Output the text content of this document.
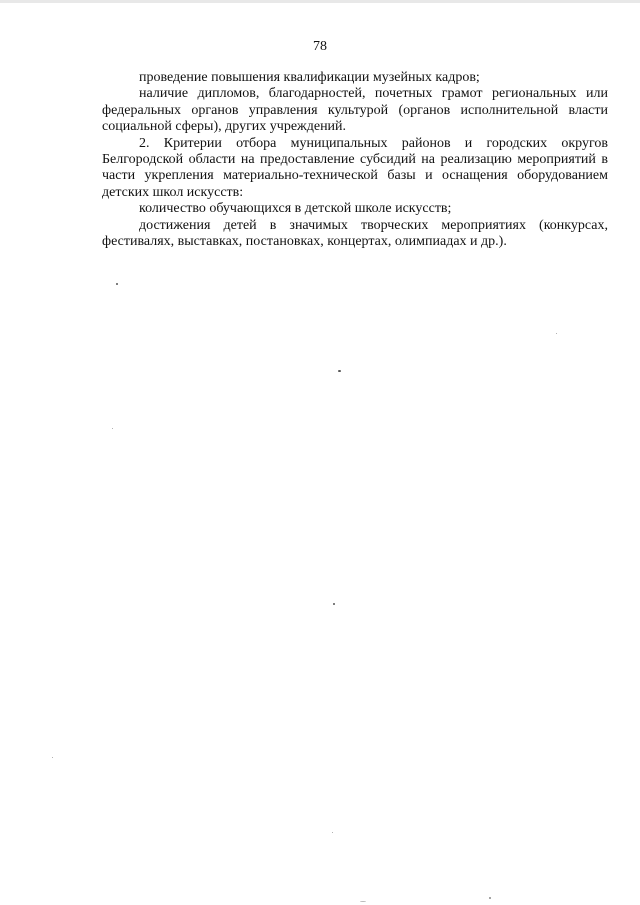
78

проведение повышения квалификации музейных кадров;

наличие дипломов, благодарностей, почетных грамот региональных или федеральных органов управления культурой (органов исполнительной власти социальной сферы), других учреждений.

2. Критерии отбора муниципальных районов и городских округов Белгородской области на предоставление субсидий на реализацию мероприятий в части укрепления материально-технической базы и оснащения оборудованием детских школ искусств:

количество обучающихся в детской школе искусств;

достижения детей в значимых творческих мероприятиях (конкурсах, фестивалях, выставках, постановках, концертах, олимпиадах и др.).
